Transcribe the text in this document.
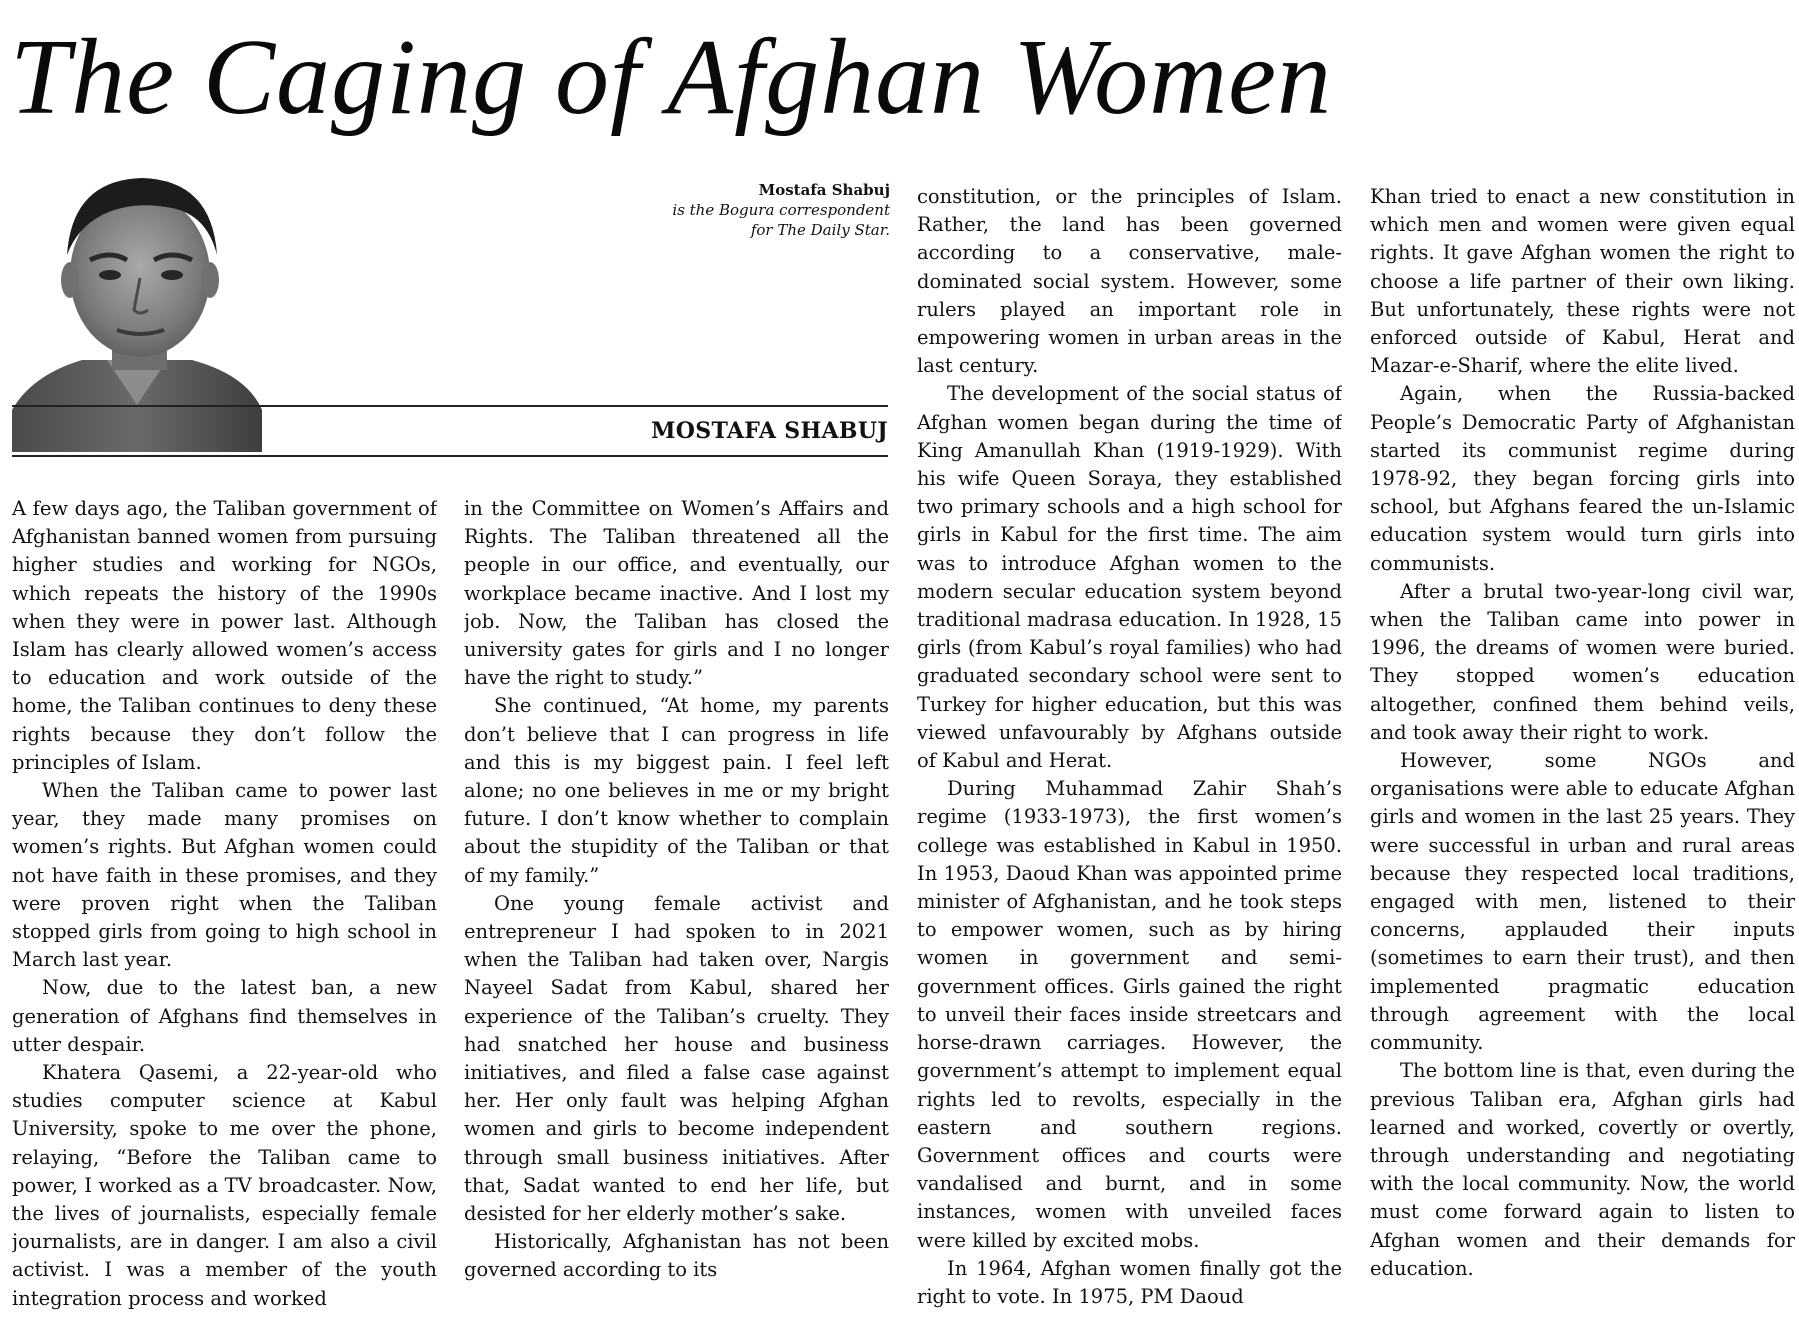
The Caging of Afghan Women
Mostafa Shabuj
is the Bogura correspondent
for The Daily Star.
MOSTAFA SHABUJ

A few days ago, the Taliban government of Afghanistan banned women from pursuing higher studies and working for NGOs, which repeats the history of the 1990s when they were in power last. Although Islam has clearly allowed women’s access to education and work outside of the home, the Taliban continues to deny these rights because they don’t follow the principles of Islam.

When the Taliban came to power last year, they made many promises on women’s rights. But Afghan women could not have faith in these promises, and they were proven right when the Taliban stopped girls from going to high school in March last year.

Now, due to the latest ban, a new generation of Afghans find themselves in utter despair.

Khatera Qasemi, a 22-year-old who studies computer science at Kabul University, spoke to me over the phone, relaying, “Before the Taliban came to power, I worked as a TV broadcaster. Now, the lives of journalists, especially female journalists, are in danger. I am also a civil activist. I was a member of the youth integration process and worked

in the Committee on Women’s Affairs and Rights. The Taliban threatened all the people in our office, and eventually, our workplace became inactive. And I lost my job. Now, the Taliban has closed the university gates for girls and I no longer have the right to study.”

She continued, “At home, my parents don’t believe that I can progress in life and this is my biggest pain. I feel left alone; no one believes in me or my bright future. I don’t know whether to complain about the stupidity of the Taliban or that of my family.”

One young female activist and entrepreneur I had spoken to in 2021 when the Taliban had taken over, Nargis Nayeel Sadat from Kabul, shared her experience of the Taliban’s cruelty. They had snatched her house and business initiatives, and filed a false case against her. Her only fault was helping Afghan women and girls to become independent through small business initiatives. After that, Sadat wanted to end her life, but desisted for her elderly mother’s sake.

Historically, Afghanistan has not been governed according to its

constitution, or the principles of Islam. Rather, the land has been governed according to a conservative, male-dominated social system. However, some rulers played an important role in empowering women in urban areas in the last century.

The development of the social status of Afghan women began during the time of King Amanullah Khan (1919-1929). With his wife Queen Soraya, they established two primary schools and a high school for girls in Kabul for the first time. The aim was to introduce Afghan women to the modern secular education system beyond traditional madrasa education. In 1928, 15 girls (from Kabul’s royal families) who had graduated secondary school were sent to Turkey for higher education, but this was viewed unfavourably by Afghans outside of Kabul and Herat.

During Muhammad Zahir Shah’s regime (1933-1973), the first women’s college was established in Kabul in 1950. In 1953, Daoud Khan was appointed prime minister of Afghanistan, and he took steps to empower women, such as by hiring women in government and semi-government offices. Girls gained the right to unveil their faces inside streetcars and horse-drawn carriages. However, the government’s attempt to implement equal rights led to revolts, especially in the eastern and southern regions. Government offices and courts were vandalised and burnt, and in some instances, women with unveiled faces were killed by excited mobs.

In 1964, Afghan women finally got the right to vote. In 1975, PM Daoud

Khan tried to enact a new constitution in which men and women were given equal rights. It gave Afghan women the right to choose a life partner of their own liking. But unfortunately, these rights were not enforced outside of Kabul, Herat and Mazar-e-Sharif, where the elite lived.

Again, when the Russia-backed People’s Democratic Party of Afghanistan started its communist regime during 1978-92, they began forcing girls into school, but Afghans feared the un-Islamic education system would turn girls into communists.

After a brutal two-year-long civil war, when the Taliban came into power in 1996, the dreams of women were buried. They stopped women’s education altogether, confined them behind veils, and took away their right to work.

However, some NGOs and organisations were able to educate Afghan girls and women in the last 25 years. They were successful in urban and rural areas because they respected local traditions, engaged with men, listened to their concerns, applauded their inputs (sometimes to earn their trust), and then implemented pragmatic education through agreement with the local community.

The bottom line is that, even during the previous Taliban era, Afghan girls had learned and worked, covertly or overtly, through understanding and negotiating with the local community. Now, the world must come forward again to listen to Afghan women and their demands for education.
